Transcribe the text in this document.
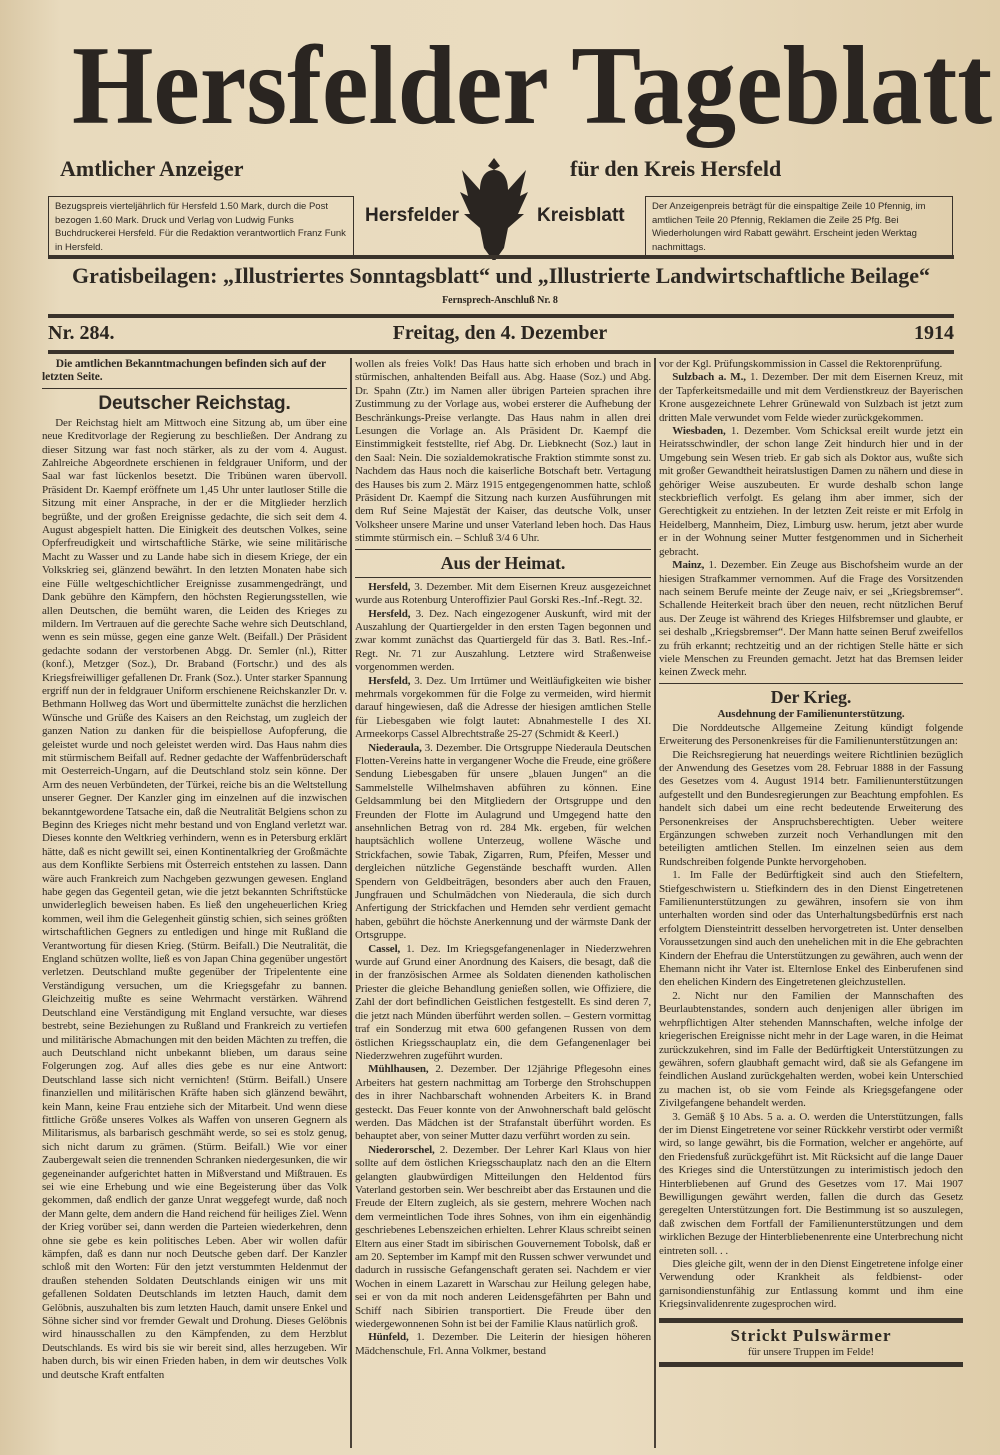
Hersfelder Tageblatt
Amtlicher Anzeiger	für den Kreis Hersfeld
Bezugspreis vierteljährlich für Hersfeld 1.50 Mark, durch die Post bezogen 1.60 Mark. Druck und Verlag von Ludwig Funks Buchdruckerei Hersfeld. Für die Redaktion verantwortlich Franz Funk in Hersfeld.
Der Anzeigenpreis beträgt für die einspaltige Zeile 10 Pfennig, im amtlichen Teile 20 Pfennig, Reklamen die Zeile 25 Pfg. Bei Wiederholungen wird Rabatt gewährt. Erscheint jeden Werktag nachmittags.
Hersfelder	Kreisblatt
Gratisbeilagen: „Illustriertes Sonntagsblatt“ und „Illustrierte Landwirtschaftliche Beilage“
Fernsprech-Anschluß Nr. 8
Nr. 284.	Freitag, den 4. Dezember	1914

Die amtlichen Bekanntmachungen befinden sich auf der letzten Seite.

Deutscher Reichstag.

Der Reichstag hielt am Mittwoch eine Sitzung ab, um über eine neue Kreditvorlage der Regierung zu beschließen. Der Andrang zu dieser Sitzung war fast noch stärker, als zu der vom 4. August. Zahlreiche Abgeordnete erschienen in feldgrauer Uniform, und der Saal war fast lückenlos besetzt. Die Tribünen waren übervoll. Präsident Dr. Kaempf eröffnete um 1,45 Uhr unter lautloser Stille die Sitzung mit einer Ansprache, in der er die Mitglieder herzlich begrüßte, und der großen Ereignisse gedachte, die sich seit dem 4. August abgespielt hatten. Die Einigkeit des deutschen Volkes, seine Opferfreudigkeit und wirtschaftliche Stärke, wie seine militärische Macht zu Wasser und zu Lande habe sich in diesem Kriege, der ein Volkskrieg sei, glänzend bewährt. In den letzten Monaten habe sich eine Fülle weltgeschichtlicher Ereignisse zusammengedrängt, und Dank gebühre den Kämpfern, den höchsten Regierungsstellen, wie allen Deutschen, die bemüht waren, die Leiden des Krieges zu mildern. Im Vertrauen auf die gerechte Sache wehre sich Deutschland, wenn es sein müsse, gegen eine ganze Welt. (Beifall.) Der Präsident gedachte sodann der verstorbenen Abgg. Dr. Semler (nl.), Ritter (konf.), Metzger (Soz.), Dr. Braband (Fortschr.) und des als Kriegsfreiwilliger gefallenen Dr. Frank (Soz.). Unter starker Spannung ergriff nun der in feldgrauer Uniform erschienene Reichskanzler Dr. v. Bethmann Hollweg das Wort und übermittelte zunächst die herzlichen Wünsche und Grüße des Kaisers an den Reichstag, um zugleich der ganzen Nation zu danken für die beispiellose Aufopferung, die geleistet wurde und noch geleistet werden wird. Das Haus nahm dies mit stürmischem Beifall auf. Redner gedachte der Waffenbrüderschaft mit Oesterreich-Ungarn, auf die Deutschland stolz sein könne. Der Arm des neuen Verbündeten, der Türkei, reiche bis an die Weltstellung unserer Gegner. Der Kanzler ging im einzelnen auf die inzwischen bekanntgewordene Tatsache ein, daß die Neutralität Belgiens schon zu Beginn des Krieges nicht mehr bestand und von England verletzt war. Dieses konnte den Weltkrieg verhindern, wenn es in Petersburg erklärt hätte, daß es nicht gewillt sei, einen Kontinentalkrieg der Großmächte aus dem Konflikte Serbiens mit Österreich entstehen zu lassen. Dann wäre auch Frankreich zum Nachgeben gezwungen gewesen. England habe gegen das Gegenteil getan, wie die jetzt bekannten Schriftstücke unwiderleglich beweisen haben. Es ließ den ungeheuerlichen Krieg kommen, weil ihm die Gelegenheit günstig schien, sich seines größten wirtschaftlichen Gegners zu entledigen und hinge mit Rußland die Verantwortung für diesen Krieg. (Stürm. Beifall.) Die Neutralität, die England schützen wollte, ließ es von Japan China gegenüber ungestört verletzen. Deutschland mußte gegenüber der Tripelentente eine Verständigung versuchen, um die Kriegsgefahr zu bannen. Gleichzeitig mußte es seine Wehrmacht verstärken. Während Deutschland eine Verständigung mit England versuchte, war dieses bestrebt, seine Beziehungen zu Rußland und Frankreich zu vertiefen und militärische Abmachungen mit den beiden Mächten zu treffen, die auch Deutschland nicht unbekannt blieben, um daraus seine Folgerungen zog. Auf alles dies gebe es nur eine Antwort: Deutschland lasse sich nicht vernichten! (Stürm. Beifall.) Unsere finanziellen und militärischen Kräfte haben sich glänzend bewährt, kein Mann, keine Frau entziehe sich der Mitarbeit. Und wenn diese fittliche Größe unseres Volkes als Waffen von unseren Gegnern als Militarismus, als barbarisch geschmäht werde, so sei es stolz genug, sich nicht darum zu grämen. (Stürm. Beifall.) Wie vor einer Zaubergewalt seien die trennenden Schranken niedergesunken, die wir gegeneinander aufgerichtet hatten in Mißverstand und Mißtrauen. Es sei wie eine Erhebung und wie eine Begeisterung über das Volk gekommen, daß endlich der ganze Unrat weggefegt wurde, daß noch der Mann gelte, dem andern die Hand reichend für heiliges Ziel. Wenn der Krieg vorüber sei, dann werden die Parteien wiederkehren, denn ohne sie gebe es kein politisches Leben. Aber wir wollen dafür kämpfen, daß es dann nur noch Deutsche geben darf. Der Kanzler schloß mit den Worten: Für den jetzt verstummten Heldenmut der draußen stehenden Soldaten Deutschlands einigen wir uns mit gefallenen Soldaten Deutschlands im letzten Hauch, damit dem Gelöbnis, auszuhalten bis zum letzten Hauch, damit unsere Enkel und Söhne sicher sind vor fremder Gewalt und Drohung. Dieses Gelöbnis wird hinausschallen zu den Kämpfenden, zu dem Herzblut Deutschlands. Es wird bis sie wir bereit sind, alles herzugeben. Wir haben durch, bis wir einen Frieden haben, in dem wir deutsches Volk und deutsche Kraft entfalten

wollen als freies Volk! Das Haus hatte sich erhoben und brach in stürmischen, anhaltenden Beifall aus. Abg. Haase (Soz.) und Abg. Dr. Spahn (Ztr.) im Namen aller übrigen Parteien sprachen ihre Zustimmung zu der Vorlage aus, wobei ersterer die Aufhebung der Beschränkungs-Preise verlangte. Das Haus nahm in allen drei Lesungen die Vorlage an. Als Präsident Dr. Kaempf die Einstimmigkeit feststellte, rief Abg. Dr. Liebknecht (Soz.) laut in den Saal: Nein. Die sozialdemokratische Fraktion stimmte sonst zu. Nachdem das Haus noch die kaiserliche Botschaft betr. Vertagung des Hauses bis zum 2. März 1915 entgegengenommen hatte, schloß Präsident Dr. Kaempf die Sitzung nach kurzen Ausführungen mit dem Ruf Seine Majestät der Kaiser, das deutsche Volk, unser Volksheer unsere Marine und unser Vaterland leben hoch. Das Haus stimmte stürmisch ein. – Schluß 3/4 6 Uhr.

Aus der Heimat.

Hersfeld, 3. Dezember. Mit dem Eisernen Kreuz ausgezeichnet wurde aus Rotenburg Unteroffizier Paul Gorski Res.-Inf.-Regt. 32.

Hersfeld, 3. Dez. Nach eingezogener Auskunft, wird mit der Auszahlung der Quartiergelder in den ersten Tagen begonnen und zwar kommt zunächst das Quartiergeld für das 3. Batl. Res.-Inf.-Regt. Nr. 71 zur Auszahlung. Letztere wird Straßenweise vorgenommen werden.

Hersfeld, 3. Dez. Um Irrtümer und Weitläufigkeiten wie bisher mehrmals vorgekommen für die Folge zu vermeiden, wird hiermit darauf hingewiesen, daß die Adresse der hiesigen amtlichen Stelle für Liebesgaben wie folgt lautet: Abnahmestelle I des XI. Armeekorps Cassel Albrechtstraße 25-27 (Schmidt & Keerl.)

Niederaula, 3. Dezember. Die Ortsgruppe Niederaula Deutschen Flotten-Vereins hatte in vergangener Woche die Freude, eine größere Sendung Liebesgaben für unsere „blauen Jungen“ an die Sammelstelle Wilhelmshaven abführen zu können. Eine Geldsammlung bei den Mitgliedern der Ortsgruppe und den Freunden der Flotte im Aulagrund und Umgegend hatte den ansehnlichen Betrag von rd. 284 Mk. ergeben, für welchen hauptsächlich wollene Unterzeug, wollene Wäsche und Strickfachen, sowie Tabak, Zigarren, Rum, Pfeifen, Messer und dergleichen nützliche Gegenstände beschafft wurden. Allen Spendern von Geldbeiträgen, besonders aber auch den Frauen, Jungfrauen und Schulmädchen von Niederaula, die sich durch Anfertigung der Strickfachen und Hemden sehr verdient gemacht haben, gebührt die höchste Anerkennung und der wärmste Dank der Ortsgruppe.

Cassel, 1. Dez. Im Kriegsgefangenenlager in Niederzwehren wurde auf Grund einer Anordnung des Kaisers, die besagt, daß die in der französischen Armee als Soldaten dienenden katholischen Priester die gleiche Behandlung genießen sollen, wie Offiziere, die Zahl der dort befindlichen Geistlichen festgestellt. Es sind deren 7, die jetzt nach Münden überführt werden sollen. – Gestern vormittag traf ein Sonderzug mit etwa 600 gefangenen Russen von dem östlichen Kriegsschauplatz ein, die dem Gefangenenlager bei Niederzwehren zugeführt wurden.

Mühlhausen, 2. Dezember. Der 12jährige Pflegesohn eines Arbeiters hat gestern nachmittag am Torberge den Strohschuppen des in ihrer Nachbarschaft wohnenden Arbeiters K. in Brand gesteckt. Das Feuer konnte von der Anwohnerschaft bald gelöscht werden. Das Mädchen ist der Strafanstalt überführt worden. Es behauptet aber, von seiner Mutter dazu verführt worden zu sein.

Niederorschel, 2. Dezember. Der Lehrer Karl Klaus von hier sollte auf dem östlichen Kriegsschauplatz nach den an die Eltern gelangten glaubwürdigen Mitteilungen den Heldentod fürs Vaterland gestorben sein. Wer beschreibt aber das Erstaunen und die Freude der Eltern zugleich, als sie gestern, mehrere Wochen nach dem vermeintlichen Tode ihres Sohnes, von ihm ein eigenhändig geschriebenes Lebenszeichen erhielten. Lehrer Klaus schreibt seinen Eltern aus einer Stadt im sibirischen Gouvernement Tobolsk, daß er am 20. September im Kampf mit den Russen schwer verwundet und dadurch in russische Gefangenschaft geraten sei. Nachdem er vier Wochen in einem Lazarett in Warschau zur Heilung gelegen habe, sei er von da mit noch anderen Leidensgefährten per Bahn und Schiff nach Sibirien transportiert. Die Freude über den wiedergewonnenen Sohn ist bei der Familie Klaus natürlich groß.

Hünfeld, 1. Dezember. Die Leiterin der hiesigen höheren Mädchenschule, Frl. Anna Volkmer, bestand

vor der Kgl. Prüfungskommission in Cassel die Rektorenprüfung.

Sulzbach a. M., 1. Dezember. Der mit dem Eisernen Kreuz, mit der Tapferkeitsmedaille und mit dem Verdienstkreuz der Bayerischen Krone ausgezeichnete Lehrer Grünewald von Sulzbach ist jetzt zum dritten Male verwundet vom Felde wieder zurückgekommen.

Wiesbaden, 1. Dezember. Vom Schicksal ereilt wurde jetzt ein Heiratsschwindler, der schon lange Zeit hindurch hier und in der Umgebung sein Wesen trieb. Er gab sich als Doktor aus, wußte sich mit großer Gewandtheit heiratslustigen Damen zu nähern und diese in gehöriger Weise auszubeuten. Er wurde deshalb schon lange steckbrieflich verfolgt. Es gelang ihm aber immer, sich der Gerechtigkeit zu entziehen. In der letzten Zeit reiste er mit Erfolg in Heidelberg, Mannheim, Diez, Limburg usw. herum, jetzt aber wurde er in der Wohnung seiner Mutter festgenommen und in Sicherheit gebracht.

Mainz, 1. Dezember. Ein Zeuge aus Bischofsheim wurde an der hiesigen Strafkammer vernommen. Auf die Frage des Vorsitzenden nach seinem Berufe meinte der Zeuge naiv, er sei „Kriegsbremser“. Schallende Heiterkeit brach über den neuen, recht nützlichen Beruf aus. Der Zeuge ist während des Krieges Hilfsbremser und glaubte, er sei deshalb „Kriegsbremser“. Der Mann hatte seinen Beruf zweifellos zu früh erkannt; rechtzeitig und an der richtigen Stelle hätte er sich viele Menschen zu Freunden gemacht. Jetzt hat das Bremsen leider keinen Zweck mehr.

Der Krieg.
Ausdehnung der Familienunterstützung.

Die Norddeutsche Allgemeine Zeitung kündigt folgende Erweiterung des Personenkreises für die Familienunterstützungen an:

Die Reichsregierung hat neuerdings weitere Richtlinien bezüglich der Anwendung des Gesetzes vom 28. Februar 1888 in der Fassung des Gesetzes vom 4. August 1914 betr. Familienunterstützungen aufgestellt und den Bundesregierungen zur Beachtung empfohlen. Es handelt sich dabei um eine recht bedeutende Erweiterung des Personenkreises der Anspruchsberechtigten. Ueber weitere Ergänzungen schweben zurzeit noch Verhandlungen mit den beteiligten amtlichen Stellen. Im einzelnen seien aus dem Rundschreiben folgende Punkte hervorgehoben.

1. Im Falle der Bedürftigkeit sind auch den Stiefeltern, Stiefgeschwistern u. Stiefkindern des in den Dienst Eingetretenen Familienunterstützungen zu gewähren, insofern sie von ihm unterhalten worden sind oder das Unterhaltungsbedürfnis erst nach erfolgtem Diensteintritt desselben hervorgetreten ist. Unter denselben Voraussetzungen sind auch den unehelichen mit in die Ehe gebrachten Kindern der Ehefrau die Unterstützungen zu gewähren, auch wenn der Ehemann nicht ihr Vater ist. Elternlose Enkel des Einberufenen sind den ehelichen Kindern des Eingetretenen gleichzustellen.

2. Nicht nur den Familien der Mannschaften des Beurlaubtenstandes, sondern auch denjenigen aller übrigen im wehrpflichtigen Alter stehenden Mannschaften, welche infolge der kriegerischen Ereignisse nicht mehr in der Lage waren, in die Heimat zurückzukehren, sind im Falle der Bedürftigkeit Unterstützungen zu gewähren, sofern glaubhaft gemacht wird, daß sie als Gefangene im feindlichen Ausland zurückgehalten werden, wobei kein Unterschied zu machen ist, ob sie vom Feinde als Kriegsgefangene oder Zivilgefangene behandelt werden.

3. Gemäß § 10 Abs. 5 a. a. O. werden die Unterstützungen, falls der im Dienst Eingetretene vor seiner Rückkehr verstirbt oder vermißt wird, so lange gewährt, bis die Formation, welcher er angehörte, auf den Friedensfuß zurückgeführt ist. Mit Rücksicht auf die lange Dauer des Krieges sind die Unterstützungen zu interimistisch jedoch den Hinterbliebenen auf Grund des Gesetzes vom 17. Mai 1907 Bewilligungen gewährt werden, fallen die durch das Gesetz geregelten Unterstützungen fort. Die Bestimmung ist so auszulegen, daß zwischen dem Fortfall der Familienunterstützungen und dem wirklichen Bezuge der Hinterbliebenenrente eine Unterbrechung nicht eintreten soll. . .

Dies gleiche gilt, wenn der in den Dienst Eingetretene infolge einer Verwendung oder Krankheit als feldbienst- oder garnisondienstunfähig zur Entlassung kommt und ihm eine Kriegsinvalidenrente zugesprochen wird.

Strickt Pulswärmer
für unsere Truppen im Felde!
